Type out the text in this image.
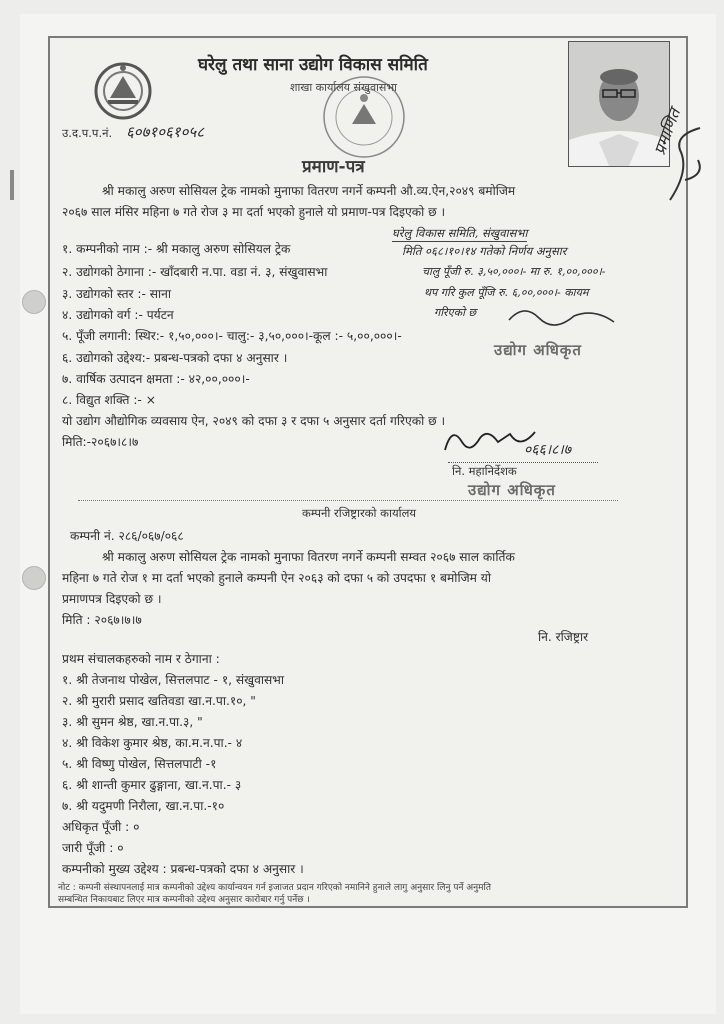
घरेलु तथा साना उद्योग विकास समिति
शाखा कार्यालय संखुवासभा
उ.द.प.प.नं. ६०७१०६१०५८
प्रमाण-पत्र
प्रमाणित
श्री मकालु अरुण सोसियल ट्रेक नामको मुनाफा वितरण नगर्ने कम्पनी औ.व्य.ऐन,२०४९ बमोजिम
२०६७ साल मंसिर महिना ७ गते रोज ३ मा दर्ता भएको हुनाले यो प्रमाण-पत्र दिइएको छ ।
१. कम्पनीको नाम :- श्री मकालु अरुण सोसियल ट्रेक
२. उद्योगको ठेगाना :- खाँदबारी न.पा. वडा नं. ३, संखुवासभा
३. उद्योगको स्तर :- साना
४. उद्योगको वर्ग :- पर्यटन
५. पूँजी लगानी: स्थिर:- १,५०,०००।- चालु:- ३,५०,०००।-कूल :- ५,००,०००।-
६. उद्योगको उद्देश्य:- प्रबन्ध-पत्रको दफा ४ अनुसार ।
७. वार्षिक उत्पादन क्षमता :- ४२,००,०००।-
८. विद्युत शक्ति :- ×
यो उद्योग औद्योगिक व्यवसाय ऐन, २०४९ को दफा ३ र दफा ५ अनुसार दर्ता गरिएको छ ।
मिति:-२०६७।८।७
घरेलु विकास समिति, संखुवासभा
मिति ०६८।१०।१४ गतेको निर्णय अनुसार
चालु पूँजी रु. ३,५०,०००।- मा रु. १,००,०००।-
थप गरि कुल पूँजि रु. ६,००,०००।- कायम
गरिएको छ
उद्योग अधिकृत
०६६।८।७
नि. महानिर्देशक
उद्योग अधिकृत
कम्पनी रजिष्ट्रारको कार्यालय
कम्पनी नं. २८६/०६७/०६८
श्री मकालु अरुण सोसियल ट्रेक नामको मुनाफा वितरण नगर्ने कम्पनी सम्वत २०६७ साल कार्तिक
महिना ७ गते रोज १ मा दर्ता भएको हुनाले कम्पनी ऐन २०६३ को दफा ५ को उपदफा १ बमोजिम यो
प्रमाणपत्र दिइएको छ ।
मिति : २०६७।७।७
नि. रजिष्ट्रार
प्रथम संचालकहरुको नाम र ठेगाना :
१. श्री तेजनाथ पोखेल, सित्तलपाट - १, संखुवासभा
२. श्री मुरारी प्रसाद खतिवडा खा.न.पा.१०, "
३. श्री सुमन श्रेष्ठ, खा.न.पा.३, "
४. श्री विकेश कुमार श्रेष्ठ, का.म.न.पा.- ४
५. श्री विष्णु पोखेल, सित्तलपाटी -१
६. श्री शान्ती कुमार ढुङ्गाना, खा.न.पा.- ३
७. श्री यदुमणी निरौला, खा.न.पा.-१०
अधिकृत पूँजी : ०
जारी पूँजी : ०
कम्पनीको मुख्य उद्देश्य : प्रबन्ध-पत्रको दफा ४ अनुसार ।
नोट : कम्पनी संस्थापनलाई मात्र कम्पनीको उद्देश्य कार्यान्वयन गर्न इजाजत प्रदान गरिएको नमानिने हुनाले लागु अनुसार लिनु पर्ने अनुमति
सम्बन्धित निकायबाट लिएर मात्र कम्पनीको उद्देश्य अनुसार कारोबार गर्नु पर्नेछ ।
